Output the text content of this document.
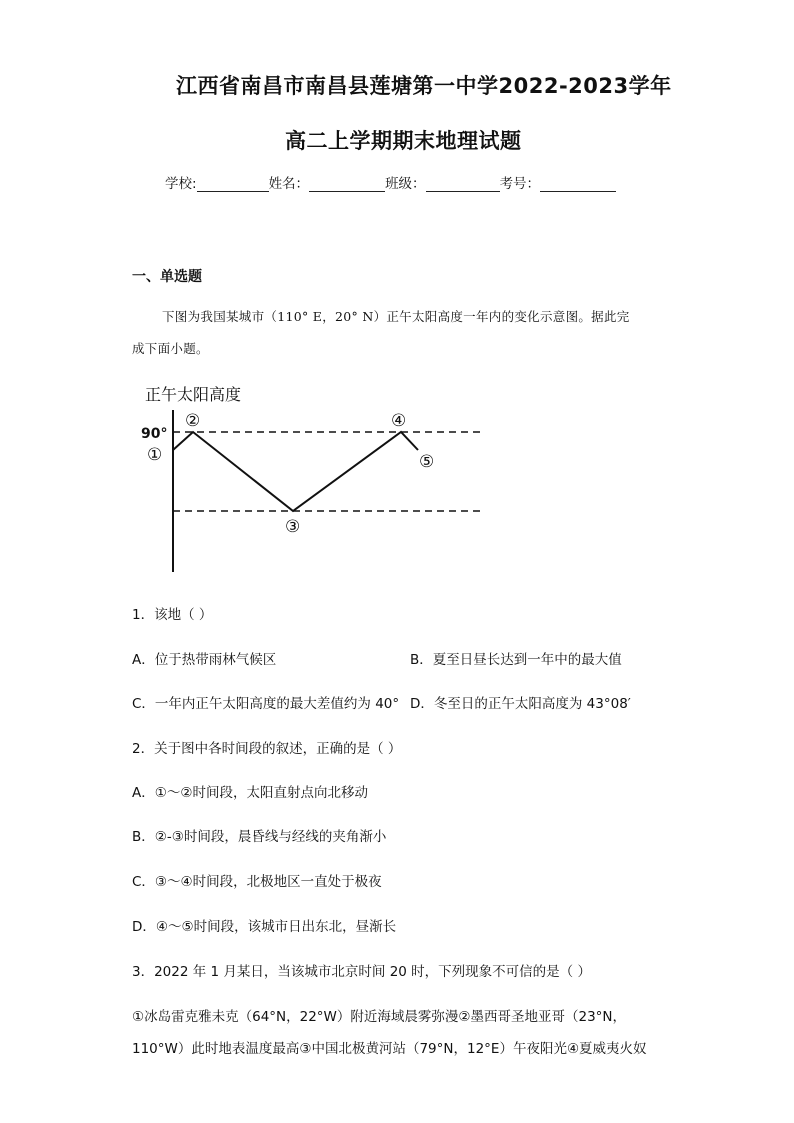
江西省南昌市南昌县莲塘第一中学2022-2023学年
高二上学期期末地理试题
学校:	姓名：	班级：	考号：
一、单选题
下图为我国某城市（110° E，20° N）正午太阳高度一年内的变化示意图。据此完
成下面小题。
正午太阳高度
90°
①
②
③
④
⑤
1．该地（ ）
A．位于热带雨林气候区	B．夏至日昼长达到一年中的最大值
C．一年内正午太阳高度的最大差值约为 40° D．冬至日的正午太阳高度为 43°08′
2．关于图中各时间段的叙述，正确的是（ ）
A．①～②时间段，太阳直射点向北移动
B．②-③时间段，晨昏线与经线的夹角渐小
C．③～④时间段，北极地区一直处于极夜
D．④～⑤时间段，该城市日出东北，昼渐长
3．2022 年 1 月某日，当该城市北京时间 20 时，下列现象不可信的是（ ）
①冰岛雷克雅未克（64°N，22°W）附近海域晨雾弥漫②墨西哥圣地亚哥（23°N，
110°W）此时地表温度最高③中国北极黄河站（79°N，12°E）午夜阳光④夏威夷火奴
